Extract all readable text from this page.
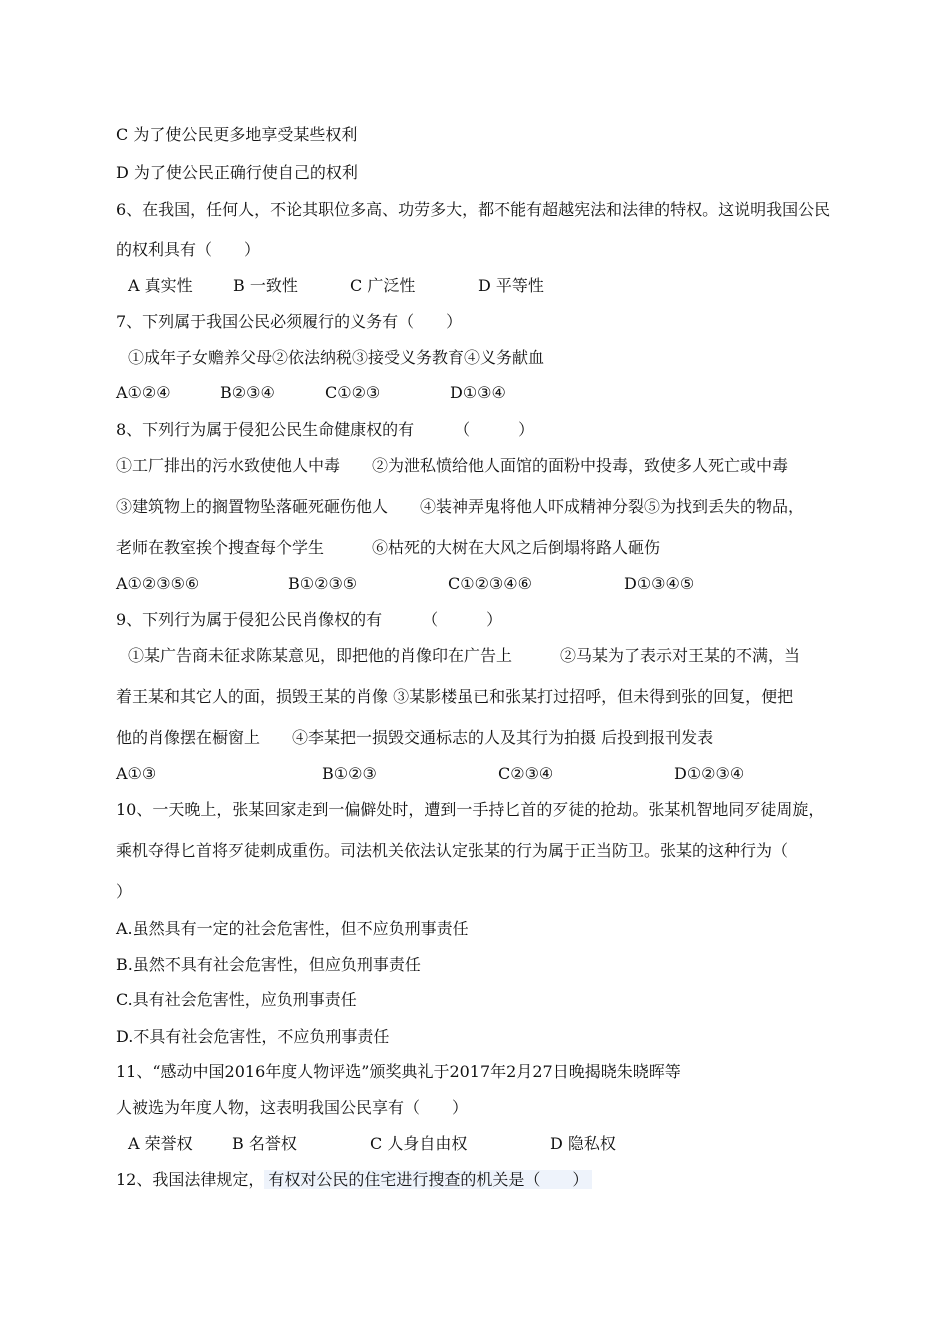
C 为了使公民更多地享受某些权利
D 为了使公民正确行使自己的权利
6、在我国，任何人，不论其职位多高、功劳多大，都不能有超越宪法和法律的特权。这说明我国公民
的权利具有（　　）
A 真实性	B 一致性	C 广泛性	D 平等性
7、下列属于我国公民必须履行的义务有（　　）
①成年子女赡养父母②依法纳税③接受义务教育④义务献血
A①②④	B②③④	C①②③	D①③④
8、下列行为属于侵犯公民生命健康权的有　　　（　　　）
①工厂排出的污水致使他人中毒　　②为泄私愤给他人面馆的面粉中投毒，致使多人死亡或中毒
③建筑物上的搁置物坠落砸死砸伤他人　　④装神弄鬼将他人吓成精神分裂⑤为找到丢失的物品，
老师在教室挨个搜查每个学生　　　⑥枯死的大树在大风之后倒塌将路人砸伤
A①②③⑤⑥	B①②③⑤	C①②③④⑥	D①③④⑤
9、下列行为属于侵犯公民肖像权的有　　　（　　　）
①某广告商未征求陈某意见，即把他的肖像印在广告上　　　②马某为了表示对王某的不满，当
着王某和其它人的面，损毁王某的肖像 ③某影楼虽已和张某打过招呼，但未得到张的回复，便把
他的肖像摆在橱窗上　　④李某把一损毁交通标志的人及其行为拍摄 后投到报刊发表
A①③	B①②③	C②③④	D①②③④
10、一天晚上，张某回家走到一偏僻处时，遭到一手持匕首的歹徒的抢劫。张某机智地同歹徒周旋，
乘机夺得匕首将歹徒刺成重伤。司法机关依法认定张某的行为属于正当防卫。张某的这种行为（
）
A.虽然具有一定的社会危害性，但不应负刑事责任
B.虽然不具有社会危害性，但应负刑事责任
C.具有社会危害性，应负刑事责任
D.不具有社会危害性，不应负刑事责任
11、“感动中国2016年度人物评选”颁奖典礼于2017年2月27日晚揭晓朱晓晖等
人被选为年度人物，这表明我国公民享有（　　）
A 荣誉权 B 名誉权	C 人身自由权	D 隐私权
12、我国法律规定， 有权对公民的住宅进行搜查的机关是（　　）
